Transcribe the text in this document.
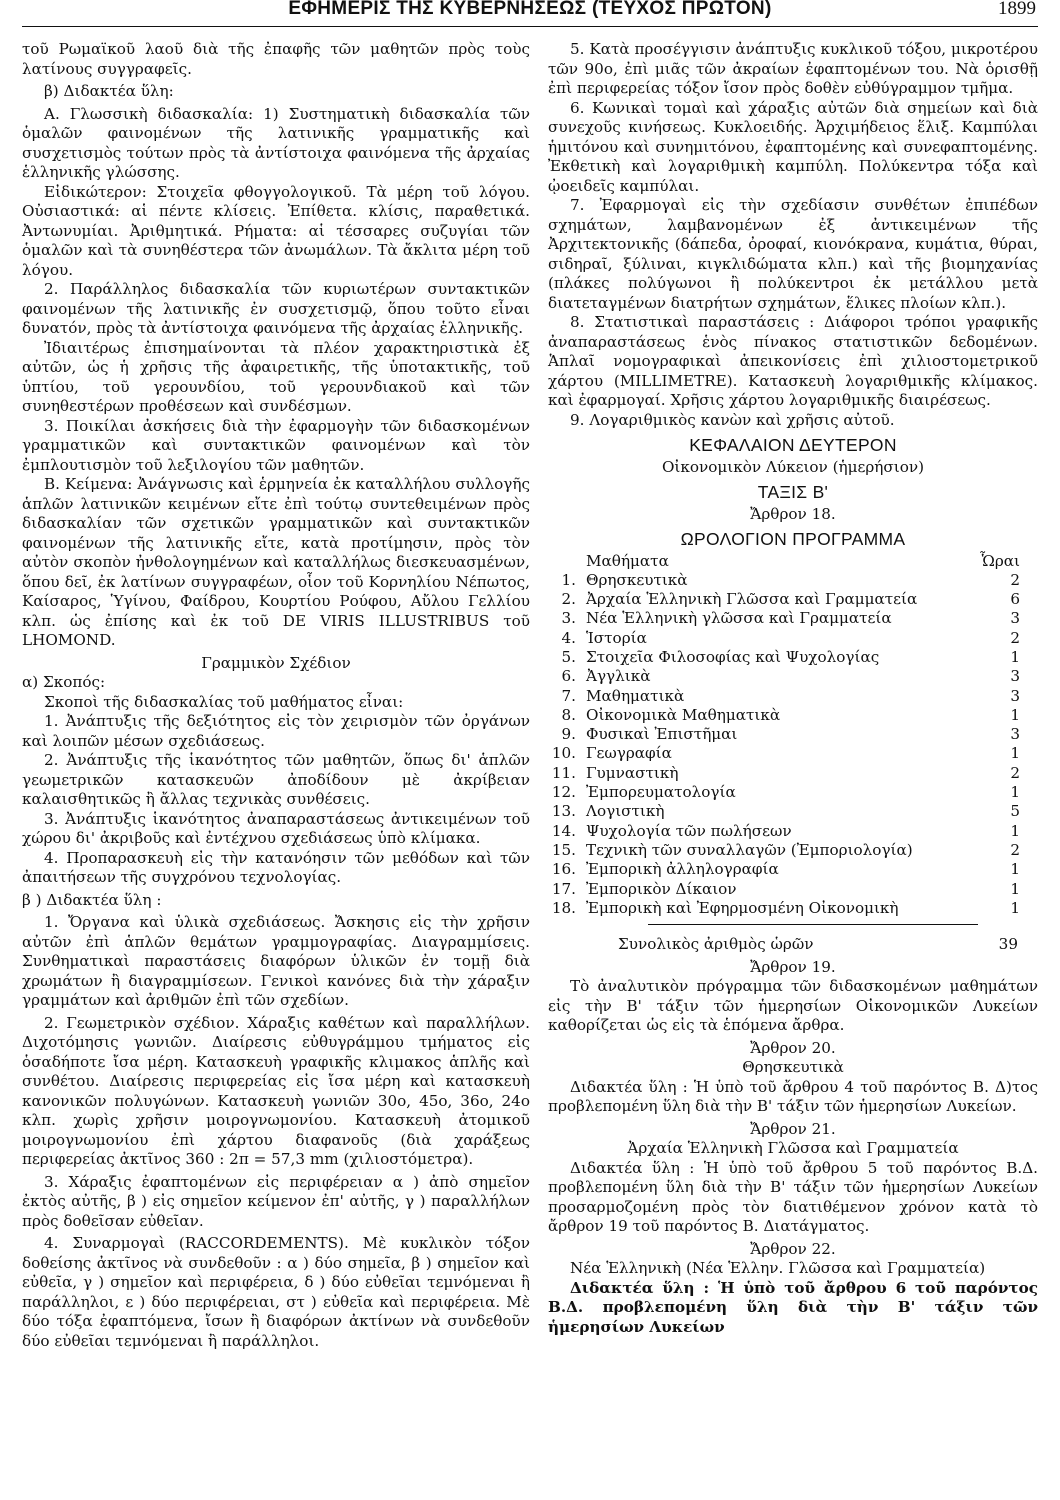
ΕΦΗΜΕΡΙΣ ΤΗΣ ΚΥΒΕΡΝΗΣΕΩΣ (ΤΕΥΧΟΣ ΠΡΩΤΟΝ)	1899

τοῦ Ρωμαϊκοῦ λαοῦ διὰ τῆς ἐπαφῆς τῶν μαθητῶν πρὸς τοὺς λατίνους συγγραφεῖς.

β) Διδακτέα ὕλη:

Α. Γλωσσικὴ διδασκαλία: 1) Συστηματικὴ διδασκαλία τῶν ὁμαλῶν φαινομένων τῆς λατινικῆς γραμματικῆς καὶ συσχετισμὸς τούτων πρὸς τὰ ἀντίστοιχα φαινόμενα τῆς ἀρχαίας ἑλληνικῆς γλώσσης.

Εἰδικώτερον: Στοιχεῖα φθογγολογικοῦ. Τὰ μέρη τοῦ λόγου. Οὐσιαστικά: αἱ πέντε κλίσεις. Ἐπίθετα. κλίσις, παραθετικά. Ἀντωνυμίαι. Ἀριθμητικά. Ρήματα: αἱ τέσσαρες συζυγίαι τῶν ὁμαλῶν καὶ τὰ συνηθέστερα τῶν ἀνωμάλων. Τὰ ἄκλιτα μέρη τοῦ λόγου.

2. Παράλληλος διδασκαλία τῶν κυριωτέρων συντακτικῶν φαινομένων τῆς λατινικῆς ἐν συσχετισμῷ, ὅπου τοῦτο εἶναι δυνατόν, πρὸς τὰ ἀντίστοιχα φαινόμενα τῆς ἀρχαίας ἑλληνικῆς.

Ἰδιαιτέρως ἐπισημαίνονται τὰ πλέον χαρακτηριστικὰ ἐξ αὐτῶν, ὡς ἡ χρῆσις τῆς ἀφαιρετικῆς, τῆς ὑποτακτικῆς, τοῦ ὑπτίου, τοῦ γερουνδίου, τοῦ γερουνδιακοῦ καὶ τῶν συνηθεστέρων προθέσεων καὶ συνδέσμων.

3. Ποικίλαι ἀσκήσεις διὰ τὴν ἐφαρμογὴν τῶν διδασκομένων γραμματικῶν καὶ συντακτικῶν φαινομένων καὶ τὸν ἐμπλουτισμὸν τοῦ λεξιλογίου τῶν μαθητῶν.

Β. Κείμενα: Ἀνάγνωσις καὶ ἑρμηνεία ἐκ καταλλήλου συλλογῆς ἁπλῶν λατινικῶν κειμένων εἴτε ἐπὶ τούτῳ συντεθειμένων πρὸς διδασκαλίαν τῶν σχετικῶν γραμματικῶν καὶ συντακτικῶν φαινομένων τῆς λατινικῆς εἴτε, κατὰ προτίμησιν, πρὸς τὸν αὐτὸν σκοπὸν ἠνθολογημένων καὶ καταλλήλως διεσκευασμένων, ὅπου δεῖ, ἐκ λατίνων συγγραφέων, οἷον τοῦ Κορνηλίου Νέπωτος, Καίσαρος, Ὑγίνου, Φαίδρου, Κουρτίου Ρούφου, Αὔλου Γελλίου κλπ. ὡς ἐπίσης καὶ ἐκ τοῦ DE VIRIS ILLUSTRIBUS τοῦ LHOMOND.

Γραμμικὸν Σχέδιον

α) Σκοπός:

Σκοποὶ τῆς διδασκαλίας τοῦ μαθήματος εἶναι:

1. Ἀνάπτυξις τῆς δεξιότητος εἰς τὸν χειρισμὸν τῶν ὀργάνων καὶ λοιπῶν μέσων σχεδιάσεως.

2. Ἀνάπτυξις τῆς ἱκανότητος τῶν μαθητῶν, ὅπως δι' ἁπλῶν γεωμετρικῶν κατασκευῶν ἀποδίδουν μὲ ἀκρίβειαν καλαισθητικῶς ἢ ἄλλας τεχνικὰς συνθέσεις.

3. Ἀνάπτυξις ἱκανότητος ἀναπαραστάσεως ἀντικειμένων τοῦ χώρου δι' ἀκριβοῦς καὶ ἐντέχνου σχεδιάσεως ὑπὸ κλίμακα.

4. Προπαρασκευὴ εἰς τὴν κατανόησιν τῶν μεθόδων καὶ τῶν ἀπαιτήσεων τῆς συγχρόνου τεχνολογίας.

β ) Διδακτέα ὕλη :

1. Ὄργανα καὶ ὑλικὰ σχεδιάσεως. Ἄσκησις εἰς τὴν χρῆσιν αὐτῶν ἐπὶ ἁπλῶν θεμάτων γραμμογραφίας. Διαγραμμίσεις. Συνθηματικαὶ παραστάσεις διαφόρων ὑλικῶν ἐν τομῇ διὰ χρωμάτων ἢ διαγραμμίσεων. Γενικοὶ κανόνες διὰ τὴν χάραξιν γραμμάτων καὶ ἀριθμῶν ἐπὶ τῶν σχεδίων.

2. Γεωμετρικὸν σχέδιον. Χάραξις καθέτων καὶ παραλλήλων. Διχοτόμησις γωνιῶν. Διαίρεσις εὐθυγράμμου τμήματος εἰς ὁσαδήποτε ἴσα μέρη. Κατασκευὴ γραφικῆς κλιμακος ἁπλῆς καὶ συνθέτου. Διαίρεσις περιφερείας εἰς ἴσα μέρη καὶ κατασκευὴ κανονικῶν πολυγώνων. Κατασκευὴ γωνιῶν 30ο, 45ο, 36ο, 24ο κλπ. χωρὶς χρῆσιν μοιρογνωμονίου. Κατασκευὴ ἀτομικοῦ μοιρογνωμονίου ἐπὶ χάρτου διαφανοῦς (διὰ χαράξεως περιφερείας ἀκτῖνος 360 : 2π = 57,3 mm (χιλιοστόμετρα).

3. Χάραξις ἐφαπτομένων εἰς περιφέρειαν α ) ἀπὸ σημεῖον ἐκτὸς αὐτῆς, β ) εἰς σημεῖον κείμενον ἐπ' αὐτῆς, γ ) παραλλήλων πρὸς δοθεῖσαν εὐθεῖαν.

4. Συναρμογαὶ (RACCORDEMENTS). Μὲ κυκλικὸν τόξον δοθείσης ἀκτῖνος νὰ συνδεθοῦν : α ) δύο σημεῖα, β ) σημεῖον καὶ εὐθεῖα, γ ) σημεῖον καὶ περιφέρεια, δ ) δύο εὐθεῖαι τεμνόμεναι ἢ παράλληλοι, ε ) δύο περιφέρειαι, στ ) εὐθεῖα καὶ περιφέρεια. Μὲ δύο τόξα ἐφαπτόμενα, ἴσων ἢ διαφόρων ἀκτίνων νὰ συνδεθοῦν δύο εὐθεῖαι τεμνόμεναι ἢ παράλληλοι.

5. Κατὰ προσέγγισιν ἀνάπτυξις κυκλικοῦ τόξου, μικροτέρου τῶν 90ο, ἐπὶ μιᾶς τῶν ἀκραίων ἐφαπτομένων του. Νὰ ὁρισθῇ ἐπὶ περιφερείας τόξον ἴσον πρὸς δοθὲν εὐθύγραμμον τμῆμα.

6. Κωνικαὶ τομαὶ καὶ χάραξις αὐτῶν διὰ σημείων καὶ διὰ συνεχοῦς κινήσεως. Κυκλοειδής. Ἀρχιμήδειος ἕλιξ. Καμπύλαι ἡμιτόνου καὶ συνημιτόνου, ἐφαπτομένης καὶ συνεφαπτομένης. Ἐκθετικὴ καὶ λογαριθμικὴ καμπύλη. Πολύκεντρα τόξα καὶ ᾠοειδεῖς καμπύλαι.

7. Ἐφαρμογαὶ εἰς τὴν σχεδίασιν συνθέτων ἐπιπέδων σχημάτων, λαμβανομένων ἐξ ἀντικειμένων τῆς Ἀρχιτεκτονικῆς (δάπεδα, ὀροφαί, κιονόκρανα, κυμάτια, θύραι, σιδηραῖ, ξύλιναι, κιγκλιδώματα κλπ.) καὶ τῆς βιομηχανίας (πλάκες πολύγωνοι ἢ πολύκεντροι ἐκ μετάλλου μετὰ διατεταγμένων διατρήτων σχημάτων, ἕλικες πλοίων κλπ.).

8. Στατιστικαὶ παραστάσεις : Διάφοροι τρόποι γραφικῆς ἀναπαραστάσεως ἑνὸς πίνακος στατιστικῶν δεδομένων. Ἁπλαῖ νομογραφικαὶ ἀπεικονίσεις ἐπὶ χιλιοστομετρικοῦ χάρτου (MILLIMETRE). Κατασκευὴ λογαριθμικῆς κλίμακος. καὶ ἐφαρμογαί. Χρῆσις χάρτου λογαριθμικῆς διαιρέσεως.

9. Λογαριθμικὸς κανὼν καὶ χρῆσις αὐτοῦ.

ΚΕΦΑΛΑΙΟΝ ΔΕΥΤΕΡΟΝ

Οἰκονομικὸν Λύκειον (ἡμερήσιον)

ΤΑΞΙΣ Β'

Ἄρθρον 18.

ΩΡΟΛΟΓΙΟΝ ΠΡΟΓΡΑΜΜΑ
	Μαθήματα	Ὧραι
1.	Θρησκευτικὰ	2
2.	Ἀρχαία Ἑλληνικὴ Γλῶσσα καὶ Γραμματεία	6
3.	Νέα Ἑλληνικὴ γλῶσσα καὶ Γραμματεία	3
4.	Ἱστορία	2
5.	Στοιχεῖα Φιλοσοφίας καὶ Ψυχολογίας	1
6.	Ἀγγλικὰ	3
7.	Μαθηματικὰ	3
8.	Οἰκονομικὰ Μαθηματικὰ	1
9.	Φυσικαὶ Ἐπιστῆμαι	3
10.	Γεωγραφία	1
11.	Γυμναστικὴ	2
12.	Ἐμπορευματολογία	1
13.	Λογιστικὴ	5
14.	Ψυχολογία τῶν πωλήσεων	1
15.	Τεχνικὴ τῶν συναλλαγῶν (Ἐμποριολογία)	2
16.	Ἐμπορικὴ ἀλληλογραφία	1
17.	Ἐμπορικὸν Δίκαιον	1
18.	Ἐμπορικὴ καὶ Ἐφηρμοσμένη Οἰκονομικὴ	1
Συνολικὸς ἀριθμὸς ὡρῶν	39

Ἄρθρον 19.

Τὸ ἀναλυτικὸν πρόγραμμα τῶν διδασκομένων μαθημάτων εἰς τὴν Β' τάξιν τῶν ἡμερησίων Οἰκονομικῶν Λυκείων καθορίζεται ὡς εἰς τὰ ἑπόμενα ἄρθρα.

Ἄρθρον 20.

Θρησκευτικὰ

Διδακτέα ὕλη : Ἡ ὑπὸ τοῦ ἄρθρου 4 τοῦ παρόντος Β. Δ)τος προβλεπομένη ὕλη διὰ τὴν Β' τάξιν τῶν ἡμερησίων Λυκείων.

Ἄρθρον 21.

Ἀρχαία Ἑλληνικὴ Γλῶσσα καὶ Γραμματεία

Διδακτέα ὕλη : Ἡ ὑπὸ τοῦ ἄρθρου 5 τοῦ παρόντος Β.Δ. προβλεπομένη ὕλη διὰ τὴν Β' τάξιν τῶν ἡμερησίων Λυκείων προσαρμοζομένη πρὸς τὸν διατιθέμενον χρόνον κατὰ τὸ ἄρθρον 19 τοῦ παρόντος Β. Διατάγματος.

Ἄρθρον 22.

Νέα Ἑλληνικὴ (Νέα Ἑλλην. Γλῶσσα καὶ Γραμματεία)

Διδακτέα ὕλη : Ἡ ὑπὸ τοῦ ἄρθρου 6 τοῦ παρόντος Β.Δ. προβλεπομένη ὕλη διὰ τὴν Β' τάξιν τῶν ἡμερησίων Λυκείων
